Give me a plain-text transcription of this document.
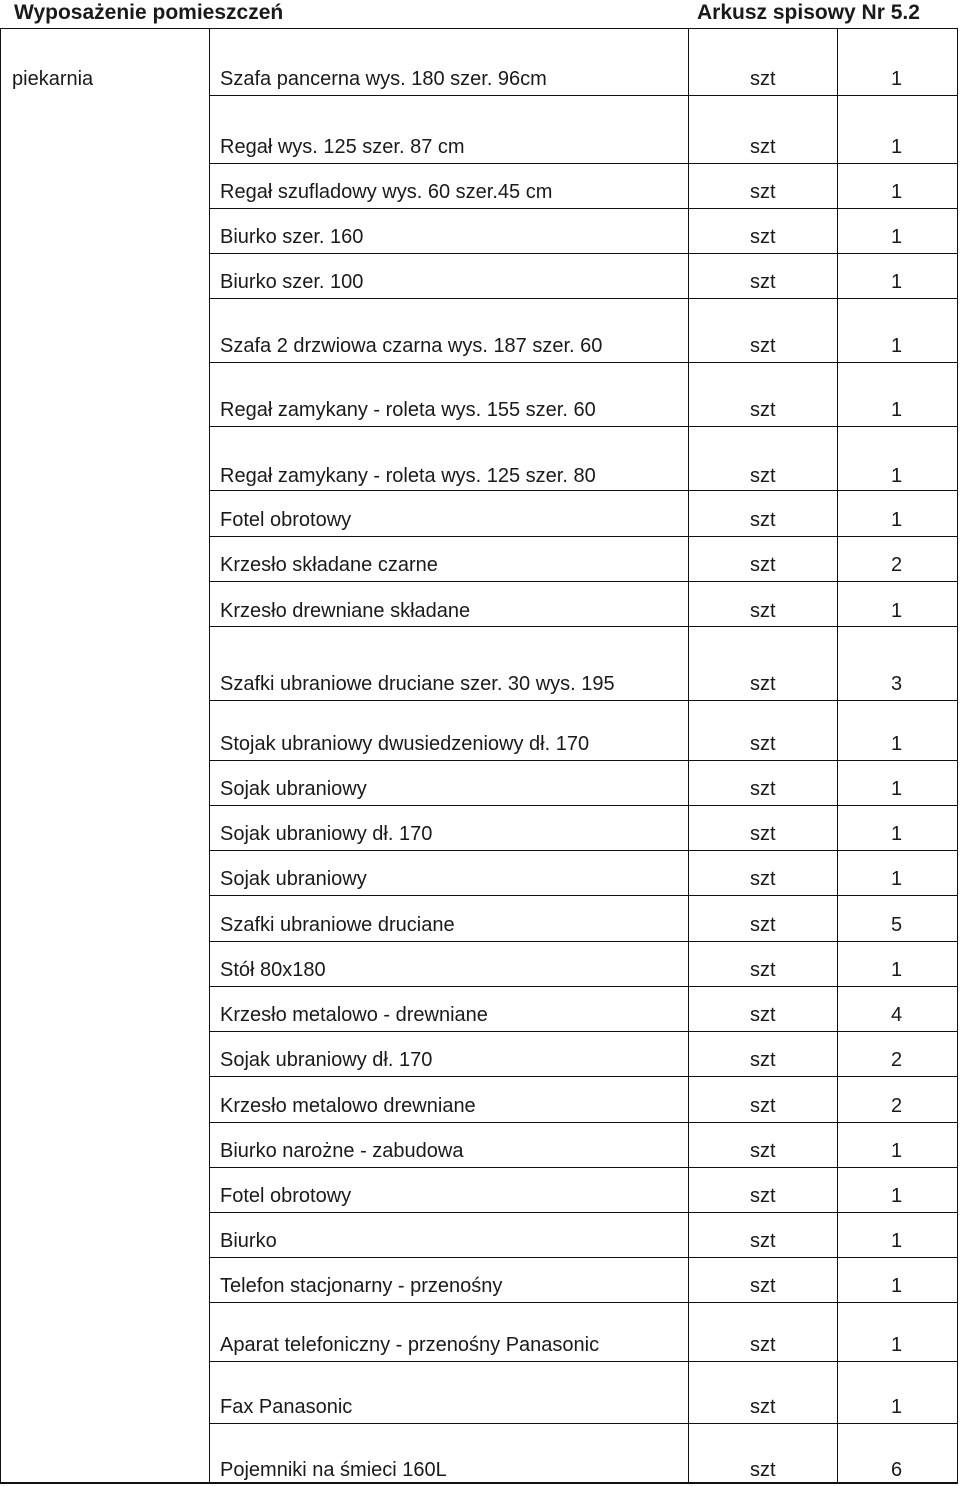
Wyposażenie pomieszczeń	Arkusz spisowy Nr 5.2
piekarnia	Szafa pancerna wys. 180 szer. 96cm	szt	1
Regał wys. 125 szer. 87 cm	szt	1
Regał szufladowy wys. 60 szer.45 cm	szt	1
Biurko szer. 160	szt	1
Biurko szer. 100	szt	1
Szafa 2 drzwiowa czarna wys. 187 szer. 60	szt	1
Regał zamykany - roleta wys. 155 szer. 60	szt	1
Regał zamykany - roleta wys. 125 szer. 80	szt	1
Fotel obrotowy	szt	1
Krzesło składane czarne	szt	2
Krzesło drewniane składane	szt	1
Szafki ubraniowe druciane szer. 30 wys. 195	szt	3
Stojak ubraniowy dwusiedzeniowy dł. 170	szt	1
Sojak ubraniowy	szt	1
Sojak ubraniowy dł. 170	szt	1
Sojak ubraniowy	szt	1
Szafki ubraniowe druciane	szt	5
Stół 80x180	szt	1
Krzesło metalowo - drewniane	szt	4
Sojak ubraniowy dł. 170	szt	2
Krzesło metalowo drewniane	szt	2
Biurko narożne - zabudowa	szt	1
Fotel obrotowy	szt	1
Biurko	szt	1
Telefon stacjonarny - przenośny	szt	1
Aparat telefoniczny - przenośny Panasonic	szt	1
Fax Panasonic	szt	1
Pojemniki na śmieci 160L	szt	6
